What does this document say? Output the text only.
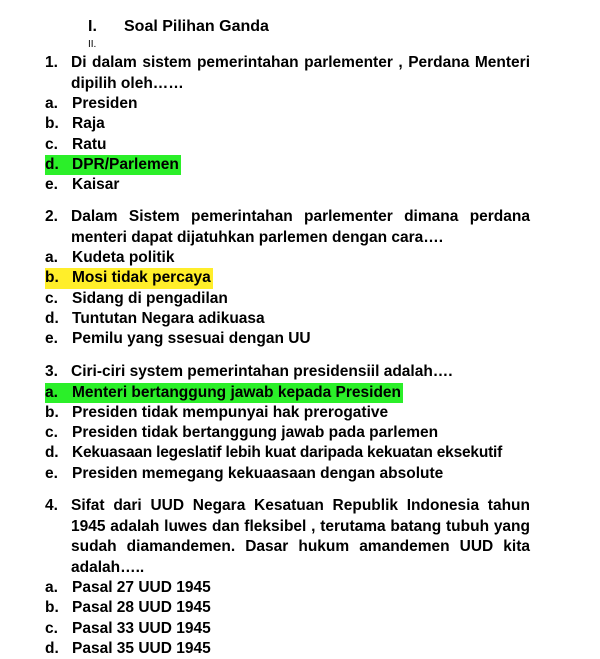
I. Soal Pilihan Ganda
II.
1. Di dalam sistem pemerintahan parlementer , Perdana Menteri dipilih oleh……
a. Presiden
b. Raja
c. Ratu
d. DPR/Parlemen
e. Kaisar
2. Dalam Sistem pemerintahan parlementer dimana perdana menteri dapat dijatuhkan parlemen dengan cara….
a. Kudeta politik
b. Mosi tidak percaya
c. Sidang di pengadilan
d. Tuntutan Negara adikuasa
e. Pemilu yang ssesuai dengan UU
3. Ciri-ciri system pemerintahan presidensiil adalah….
a. Menteri bertanggung jawab kepada Presiden
b. Presiden tidak mempunyai hak prerogative
c. Presiden tidak bertanggung jawab pada parlemen
d. Kekuasaan legeslatif lebih kuat daripada kekuatan eksekutif
e. Presiden memegang kekuaasaan dengan absolute
4. Sifat dari UUD Negara Kesatuan Republik Indonesia tahun 1945 adalah luwes dan fleksibel , terutama batang tubuh yang sudah diamandemen. Dasar hukum amandemen UUD kita adalah…..
a. Pasal 27 UUD 1945
b. Pasal 28 UUD 1945
c. Pasal 33 UUD 1945
d. Pasal 35 UUD 1945
